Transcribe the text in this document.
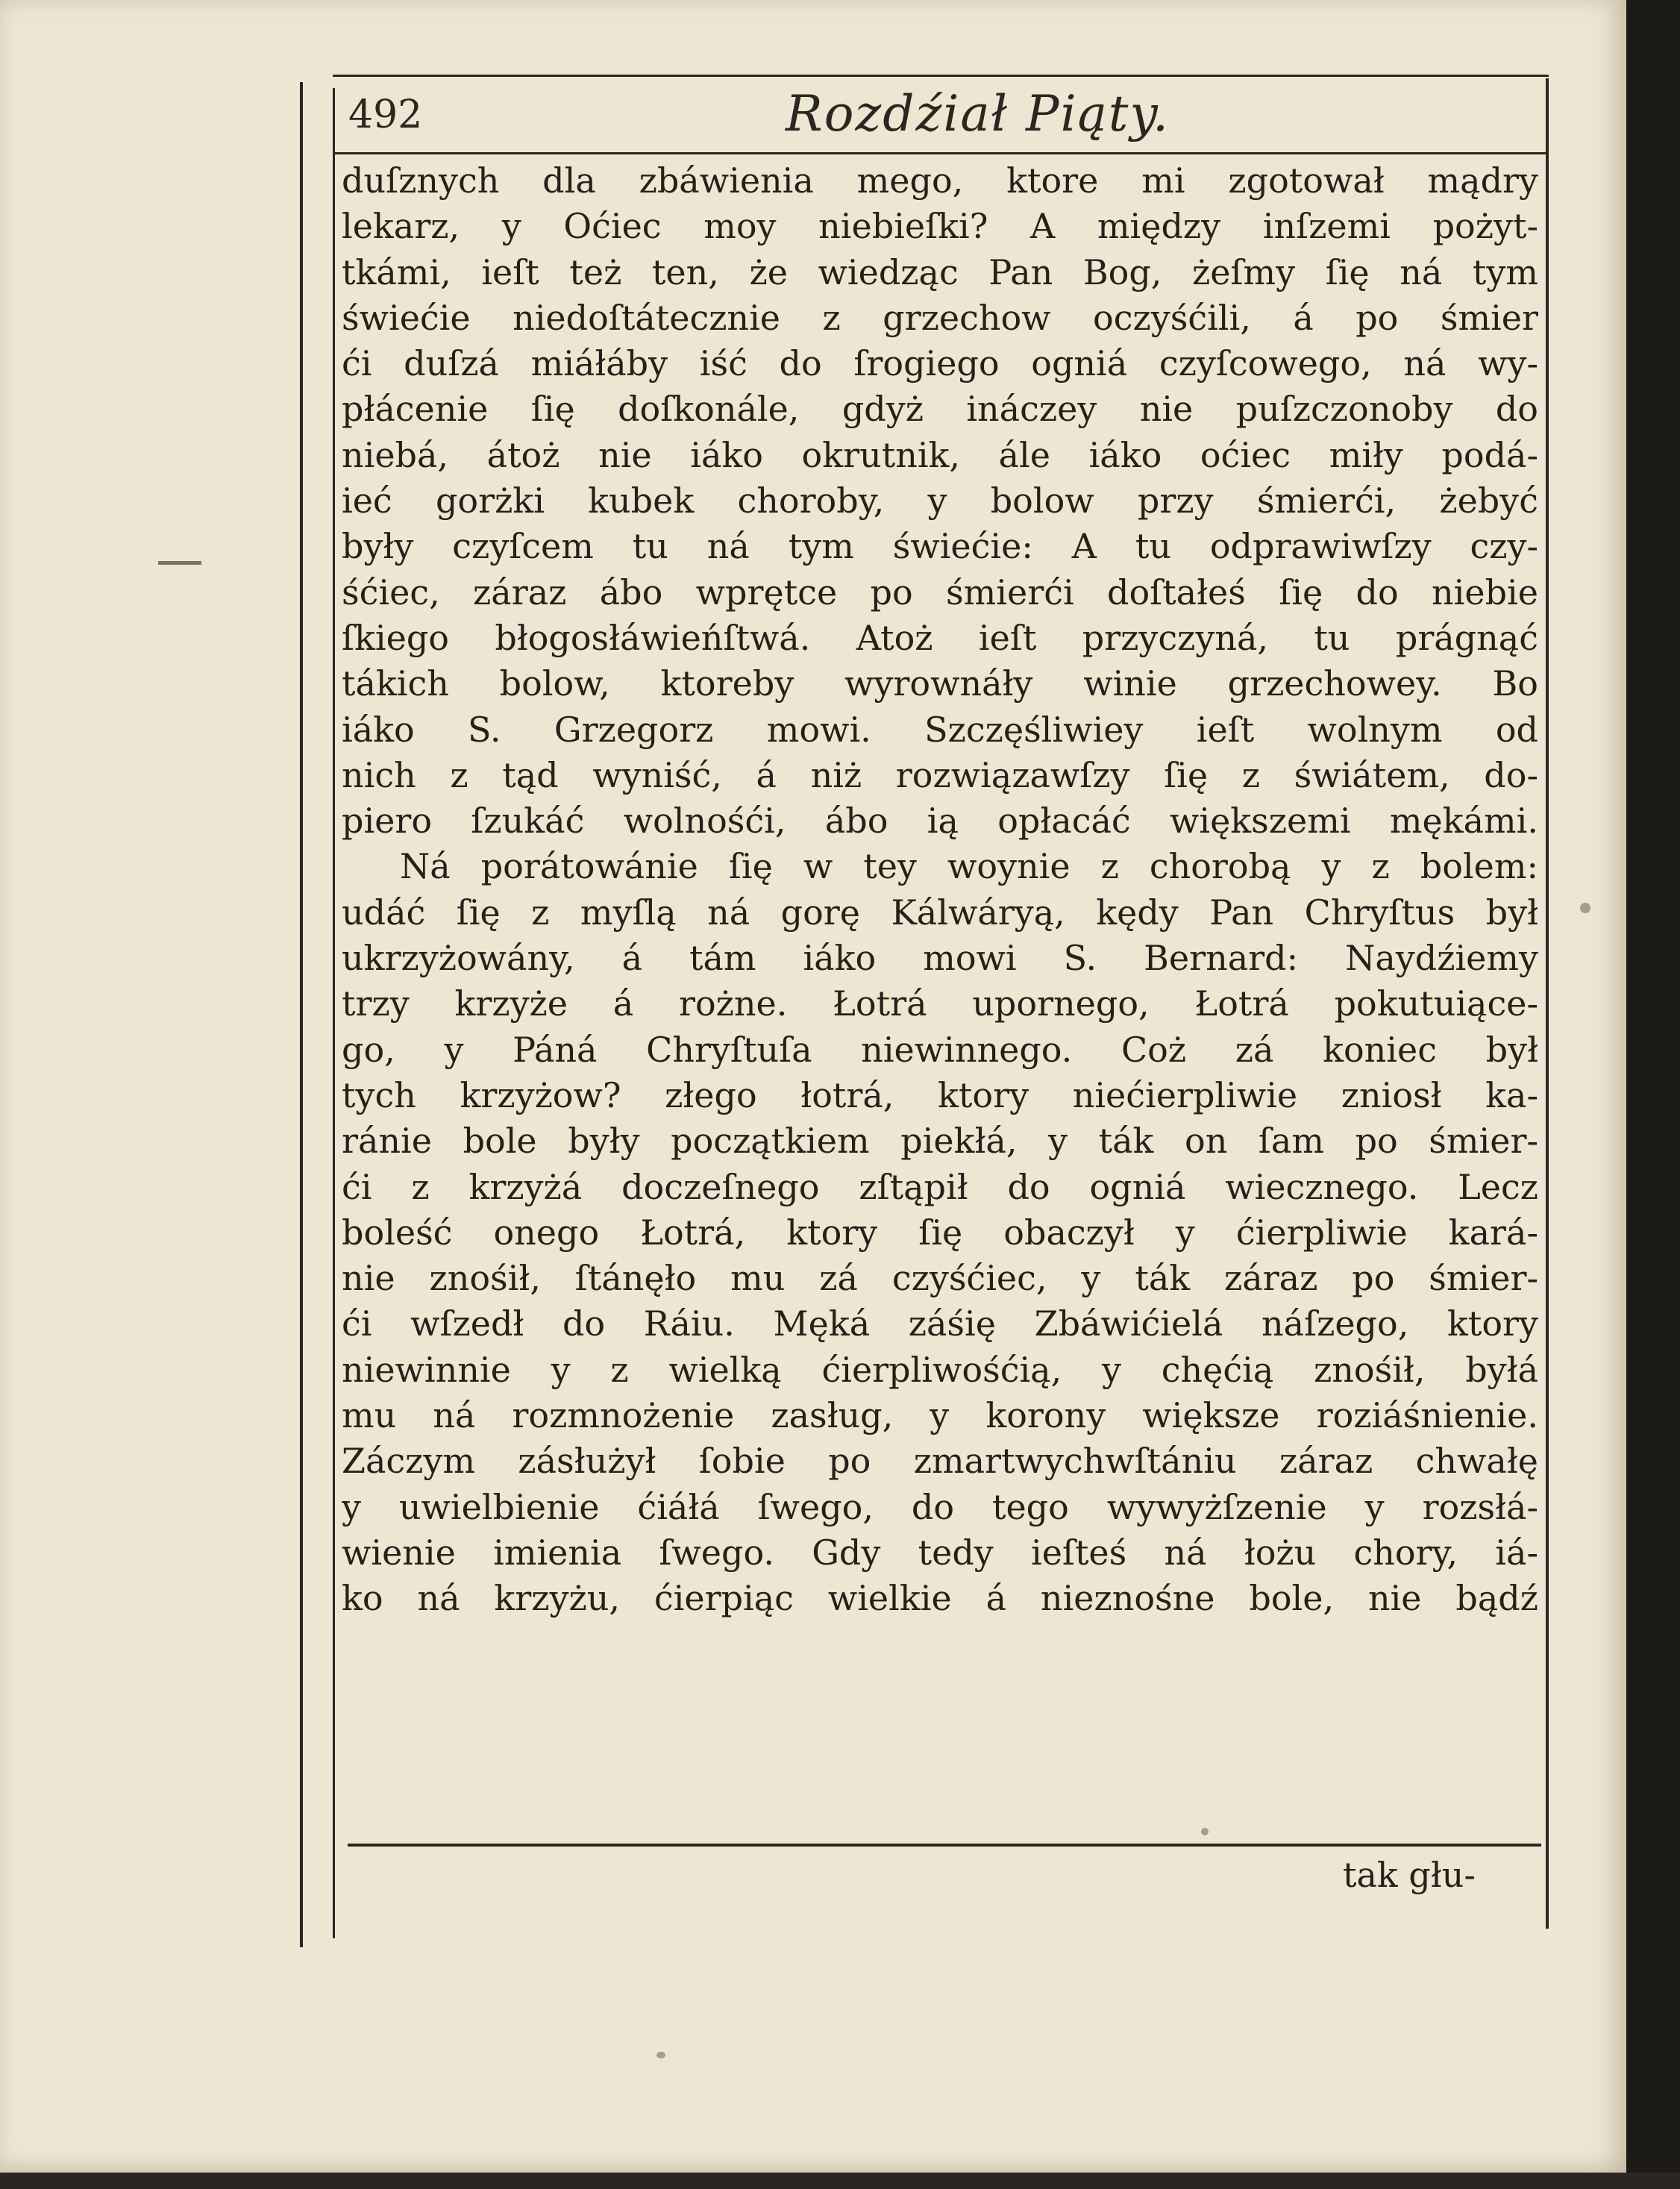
492	Rozdźiał Piąty.
duſznych dla zbáwienia mego, ktore mi zgotował mądry
lekarz, y Oćiec moy niebieſki? A między inſzemi pożyt-
tkámi, ieſt też ten, że wiedząc Pan Bog, żeſmy ſię ná tym
świećie niedoſtátecznie z grzechow oczyśćili, á po śmier
ći duſzá miáłáby iść do ſrogiego ogniá czyſcowego, ná wy-
płácenie ſię doſkonále, gdyż ináczey nie puſzczonoby do
niebá, átoż nie iáko okrutnik, ále iáko oćiec miły podá-
ieć gorżki kubek choroby, y bolow przy śmierći, żebyć
były czyſcem tu ná tym świećie: A tu odprawiwſzy czy-
śćiec, záraz ábo wprętce po śmierći doſtałeś ſię do niebie
ſkiego błogosłáwieńſtwá. Atoż ieſt przyczyná, tu prágnąć
tákich bolow, ktoreby wyrownáły winie grzechowey. Bo
iáko S. Grzegorz mowi. Szczęśliwiey ieſt wolnym od
nich z tąd wyniść, á niż rozwiązawſzy ſię z świátem, do-
piero ſzukáć wolnośći, ábo ią opłacáć większemi mękámi.
Ná porátowánie ſię w tey woynie z chorobą y z bolem:
udáć ſię z myſlą ná gorę Kálwáryą, kędy Pan Chryſtus był
ukrzyżowány, á tám iáko mowi S. Bernard: Naydźiemy
trzy krzyże á rożne. Łotrá upornego, Łotrá pokutuiące-
go, y Páná Chryſtuſa niewinnego. Coż zá koniec był
tych krzyżow? złego łotrá, ktory niećierpliwie zniosł ka-
ránie bole były początkiem piekłá, y ták on ſam po śmier-
ći z krzyżá doczeſnego zſtąpił do ogniá wiecznego. Lecz
boleść onego Łotrá, ktory ſię obaczył y ćierpliwie kará-
nie znośił, ſtánęło mu zá czyśćiec, y ták záraz po śmier-
ći wſzedł do Ráiu. Męká záśię Zbáwićielá náſzego, ktory
niewinnie y z wielką ćierpliwośćią, y chęćią znośił, byłá
mu ná rozmnożenie zasług, y korony większe roziáśnienie.
Záczym zásłużył ſobie po zmartwychwſtániu záraz chwałę
y uwielbienie ćiáłá ſwego, do tego wywyżſzenie y rozsłá-
wienie imienia ſwego. Gdy tedy ieſteś ná łożu chory, iá-
ko ná krzyżu, ćierpiąc wielkie á nieznośne bole, nie bądź
tak głu-
